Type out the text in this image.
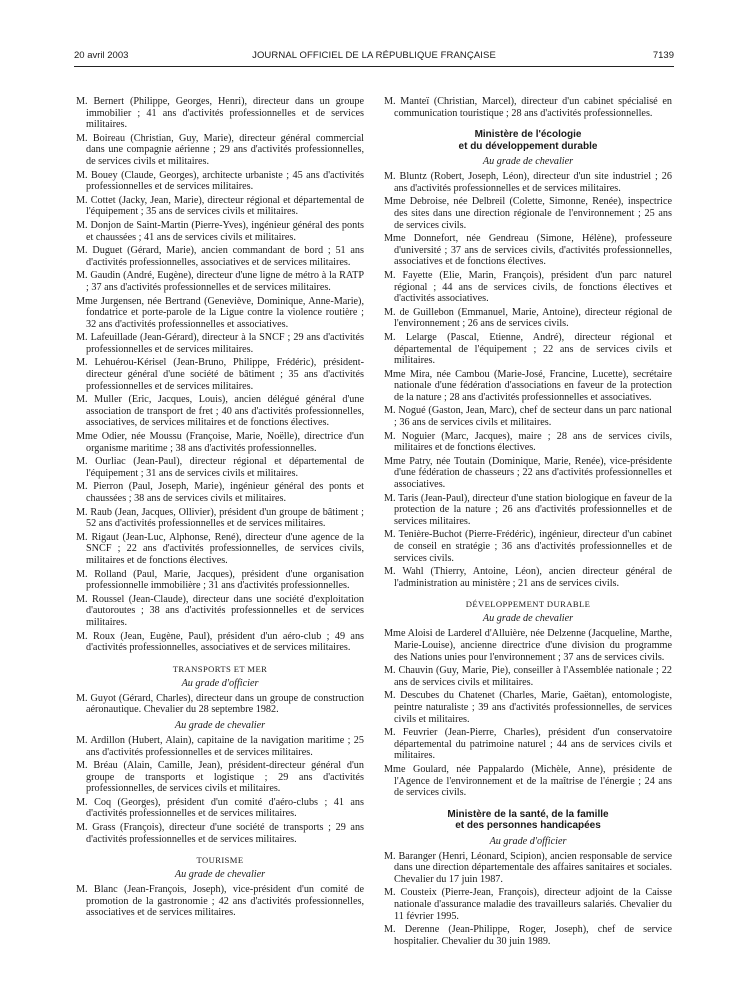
20 avril 2003	JOURNAL OFFICIEL DE LA RÉPUBLIQUE FRANÇAISE	7139

M. Bernert (Philippe, Georges, Henri), directeur dans un groupe immobilier ; 41 ans d'activités professionnelles et de services militaires.

M. Boireau (Christian, Guy, Marie), directeur général commercial dans une compagnie aérienne ; 29 ans d'activités professionnelles, de services civils et militaires.

M. Bouey (Claude, Georges), architecte urbaniste ; 45 ans d'activités professionnelles et de services militaires.

M. Cottet (Jacky, Jean, Marie), directeur régional et départemental de l'équipement ; 35 ans de services civils et militaires.

M. Donjon de Saint-Martin (Pierre-Yves), ingénieur général des ponts et chaussées ; 41 ans de services civils et militaires.

M. Duguet (Gérard, Marie), ancien commandant de bord ; 51 ans d'activités professionnelles, associatives et de services militaires.

M. Gaudin (André, Eugène), directeur d'une ligne de métro à la RATP ; 37 ans d'activités professionnelles et de services militaires.

Mme Jurgensen, née Bertrand (Geneviève, Dominique, Anne-Marie), fondatrice et porte-parole de la Ligue contre la violence routière ; 32 ans d'activités professionnelles et associatives.

M. Lafeuillade (Jean-Gérard), directeur à la SNCF ; 29 ans d'activités professionnelles et de services militaires.

M. Lehuérou-Kérisel (Jean-Bruno, Philippe, Frédéric), président-directeur général d'une société de bâtiment ; 35 ans d'activités professionnelles et de services militaires.

M. Muller (Eric, Jacques, Louis), ancien délégué général d'une association de transport de fret ; 40 ans d'activités professionnelles, associatives, de services militaires et de fonctions électives.

Mme Odier, née Moussu (Françoise, Marie, Noëlle), directrice d'un organisme maritime ; 38 ans d'activités professionnelles.

M. Ourliac (Jean-Paul), directeur régional et départemental de l'équipement ; 31 ans de services civils et militaires.

M. Pierron (Paul, Joseph, Marie), ingénieur général des ponts et chaussées ; 38 ans de services civils et militaires.

M. Raub (Jean, Jacques, Ollivier), président d'un groupe de bâtiment ; 52 ans d'activités professionnelles et de services militaires.

M. Rigaut (Jean-Luc, Alphonse, René), directeur d'une agence de la SNCF ; 22 ans d'activités professionnelles, de services civils, militaires et de fonctions électives.

M. Rolland (Paul, Marie, Jacques), président d'une organisation professionnelle immobilière ; 31 ans d'activités professionnelles.

M. Roussel (Jean-Claude), directeur dans une société d'exploitation d'autoroutes ; 38 ans d'activités professionnelles et de services militaires.

M. Roux (Jean, Eugène, Paul), président d'un aéro-club ; 49 ans d'activités professionnelles, associatives et de services militaires.

TRANSPORTS ET MER
Au grade d'officier

M. Guyot (Gérard, Charles), directeur dans un groupe de construction aéronautique. Chevalier du 28 septembre 1982.

Au grade de chevalier

M. Ardillon (Hubert, Alain), capitaine de la navigation maritime ; 25 ans d'activités professionnelles et de services militaires.

M. Bréau (Alain, Camille, Jean), président-directeur général d'un groupe de transports et logistique ; 29 ans d'activités professionnelles, de services civils et militaires.

M. Coq (Georges), président d'un comité d'aéro-clubs ; 41 ans d'activités professionnelles et de services militaires.

M. Grass (François), directeur d'une société de transports ; 29 ans d'activités professionnelles et de services militaires.

TOURISME
Au grade de chevalier

M. Blanc (Jean-François, Joseph), vice-président d'un comité de promotion de la gastronomie ; 42 ans d'activités professionnelles, associatives et de services militaires.

M. Manteï (Christian, Marcel), directeur d'un cabinet spécialisé en communication touristique ; 28 ans d'activités professionnelles.

Ministère de l'écologie
et du développement durable
Au grade de chevalier

M. Bluntz (Robert, Joseph, Léon), directeur d'un site industriel ; 26 ans d'activités professionnelles et de services militaires.

Mme Debroise, née Delbreil (Colette, Simonne, Renée), inspectrice des sites dans une direction régionale de l'environnement ; 25 ans de services civils.

Mme Donnefort, née Gendreau (Simone, Hélène), professeure d'université ; 37 ans de services civils, d'activités professionnelles, associatives et de fonctions électives.

M. Fayette (Elie, Marin, François), président d'un parc naturel régional ; 44 ans de services civils, de fonctions électives et d'activités associatives.

M. de Guillebon (Emmanuel, Marie, Antoine), directeur régional de l'environnement ; 26 ans de services civils.

M. Lelarge (Pascal, Etienne, André), directeur régional et départemental de l'équipement ; 22 ans de services civils et militaires.

Mme Mira, née Cambou (Marie-José, Francine, Lucette), secrétaire nationale d'une fédération d'associations en faveur de la protection de la nature ; 28 ans d'activités professionnelles et associatives.

M. Nogué (Gaston, Jean, Marc), chef de secteur dans un parc national ; 36 ans de services civils et militaires.

M. Noguier (Marc, Jacques), maire ; 28 ans de services civils, militaires et de fonctions électives.

Mme Patry, née Toutain (Dominique, Marie, Renée), vice-présidente d'une fédération de chasseurs ; 22 ans d'activités professionnelles et associatives.

M. Taris (Jean-Paul), directeur d'une station biologique en faveur de la protection de la nature ; 26 ans d'activités professionnelles et de services militaires.

M. Tenière-Buchot (Pierre-Frédéric), ingénieur, directeur d'un cabinet de conseil en stratégie ; 36 ans d'activités professionnelles et de services civils.

M. Wahl (Thierry, Antoine, Léon), ancien directeur général de l'administration au ministère ; 21 ans de services civils.

DÉVELOPPEMENT DURABLE
Au grade de chevalier

Mme Aloisi de Larderel d'Alluière, née Delzenne (Jacqueline, Marthe, Marie-Louise), ancienne directrice d'une division du programme des Nations unies pour l'environnement ; 37 ans de services civils.

M. Chauvin (Guy, Marie, Pie), conseiller à l'Assemblée nationale ; 22 ans de services civils et militaires.

M. Descubes du Chatenet (Charles, Marie, Gaëtan), entomologiste, peintre naturaliste ; 39 ans d'activités professionnelles, de services civils et militaires.

M. Feuvrier (Jean-Pierre, Charles), président d'un conservatoire départemental du patrimoine naturel ; 44 ans de services civils et militaires.

Mme Goulard, née Pappalardo (Michèle, Anne), présidente de l'Agence de l'environnement et de la maîtrise de l'énergie ; 24 ans de services civils.

Ministère de la santé, de la famille
et des personnes handicapées
Au grade d'officier

M. Baranger (Henri, Léonard, Scipion), ancien responsable de service dans une direction départementale des affaires sanitaires et sociales. Chevalier du 17 juin 1987.

M. Cousteix (Pierre-Jean, François), directeur adjoint de la Caisse nationale d'assurance maladie des travailleurs salariés. Chevalier du 11 février 1995.

M. Derenne (Jean-Philippe, Roger, Joseph), chef de service hospitalier. Chevalier du 30 juin 1989.
